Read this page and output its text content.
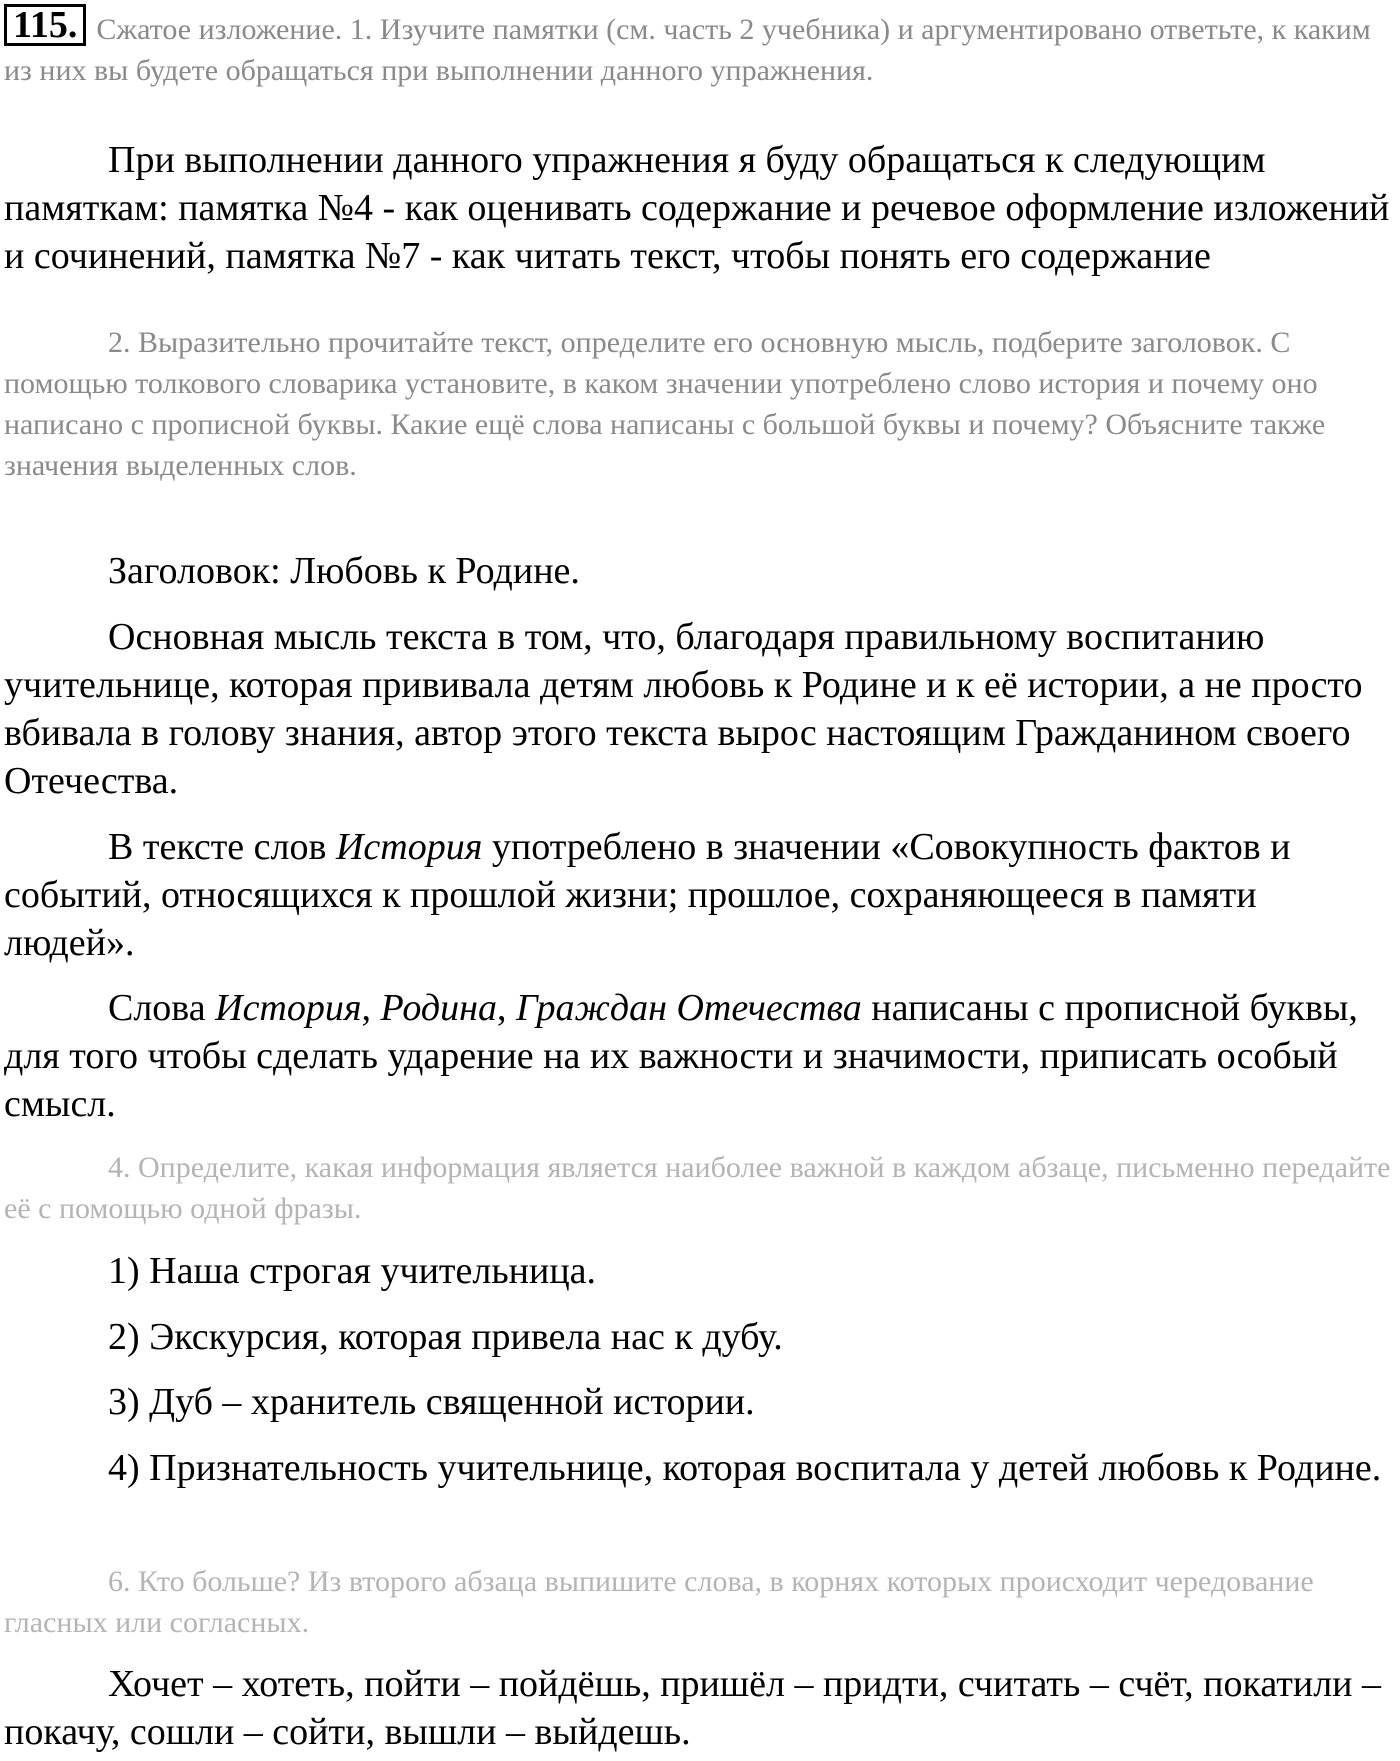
115. Сжатое изложение. 1. Изучите памятки (см. часть 2 учебника) и аргументировано ответьте, к каким из них вы будете обращаться при выполнении данного упражнения.

При выполнении данного упражнения я буду обращаться к следующим памяткам: памятка №4 - как оценивать содержание и речевое оформление изложений и сочинений, памятка №7 - как читать текст, чтобы понять его содержание

2. Выразительно прочитайте текст, определите его основную мысль, подберите заголовок. С помощью толкового словарика установите, в каком значении употреблено слово история и почему оно написано с прописной буквы. Какие ещё слова написаны с большой буквы и почему? Объясните также значения выделенных слов.

Заголовок: Любовь к Родине.

Основная мысль текста в том, что, благодаря правильному воспитанию учительнице, которая прививала детям любовь к Родине и к её истории, а не просто вбивала в голову знания, автор этого текста вырос настоящим Гражданином своего Отечества.

В тексте слов История употреблено в значении «Совокупность фактов и событий, относящихся к прошлой жизни; прошлое, сохраняющееся в памяти людей».

Слова История, Родина, Граждан Отечества написаны с прописной буквы, для того чтобы сделать ударение на их важности и значимости, приписать особый смысл.

4. Определите, какая информация является наиболее важной в каждом абзаце, письменно передайте её с помощью одной фразы.

1) Наша строгая учительница.

2) Экскурсия, которая привела нас к дубу.

3) Дуб – хранитель священной истории.

4) Признательность учительнице, которая воспитала у детей любовь к Родине.

6. Кто больше? Из второго абзаца выпишите слова, в корнях которых происходит чередование гласных или согласных.

Хочет – хотеть, пойти – пойдёшь, пришёл – придти, считать – счёт, покатили – покачу, сошли – сойти, вышли – выйдешь.
